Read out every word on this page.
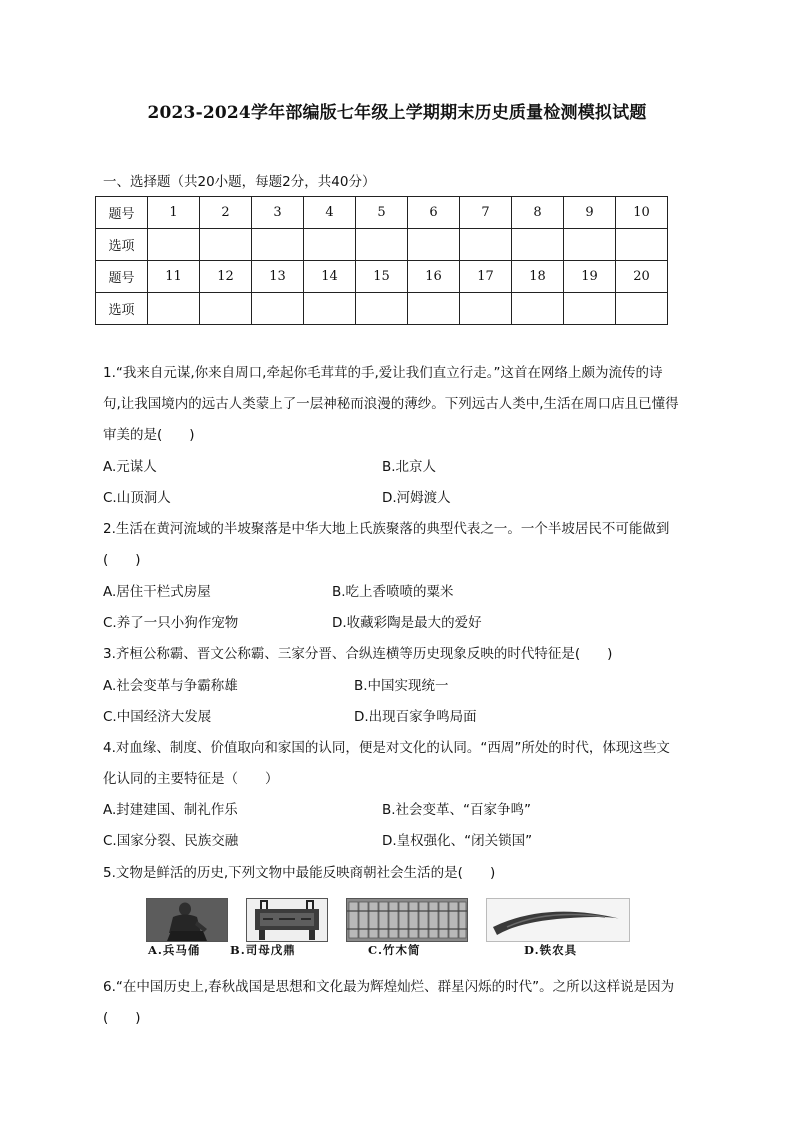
2023-2024学年部编版七年级上学期期末历史质量检测模拟试题
一、选择题（共20小题，每题2分，共40分）
题号	1	2	3	4	5	6	7	8	9	10
选项										
题号	11	12	13	14	15	16	17	18	19	20
选项										
1.“我来自元谋,你来自周口,牵起你毛茸茸的手,爱让我们直立行走。”这首在网络上颇为流传的诗
句,让我国境内的远古人类蒙上了一层神秘而浪漫的薄纱。下列远古人类中,生活在周口店且已懂得
审美的是(　　)
A.元谋人	B.北京人
C.山顶洞人	D.河姆渡人
2.生活在黄河流域的半坡聚落是中华大地上氏族聚落的典型代表之一。一个半坡居民不可能做到
(　　)
A.居住干栏式房屋	B.吃上香喷喷的粟米
C.养了一只小狗作宠物	D.收藏彩陶是最大的爱好
3.齐桓公称霸、晋文公称霸、三家分晋、合纵连横等历史现象反映的时代特征是(　　)
A.社会变革与争霸称雄	B.中国实现统一
C.中国经济大发展	D.出现百家争鸣局面
4.对血缘、制度、价值取向和家国的认同，便是对文化的认同。“西周”所处的时代，体现这些文
化认同的主要特征是（　　）
A.封建建国、制礼作乐	B.社会变革、“百家争鸣”
C.国家分裂、民族交融	D.皇权强化、“闭关锁国”
5.文物是鲜活的历史,下列文物中最能反映商朝社会生活的是(　　)
A.兵马俑	B.司母戊鼎	C.竹木简	D.铁农具
6.“在中国历史上,春秋战国是思想和文化最为辉煌灿烂、群星闪烁的时代”。之所以这样说是因为
(　　)
